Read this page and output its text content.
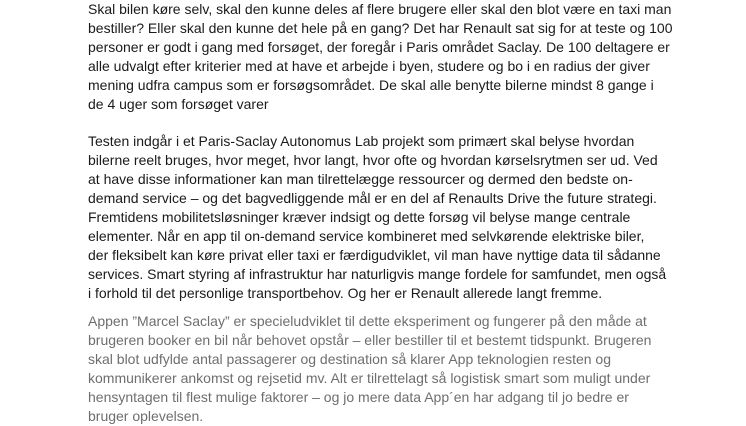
Skal bilen køre selv, skal den kunne deles af flere brugere eller skal den blot være en taxi man
bestiller? Eller skal den kunne det hele på en gang? Det har Renault sat sig for at teste og 100
personer er godt i gang med forsøget, der foregår i Paris området Saclay. De 100 deltagere er
alle udvalgt efter kriterier med at have et arbejde i byen, studere og bo i en radius der giver
mening udfra campus som er forsøgsområdet. De skal alle benytte bilerne mindst 8 gange i
de 4 uger som forsøget varer

Testen indgår i et Paris-Saclay Autonomus Lab projekt som primært skal belyse hvordan
bilerne reelt bruges, hvor meget, hvor langt, hvor ofte og hvordan kørselsrytmen ser ud. Ved
at have disse informationer kan man tilrettelægge ressourcer og dermed den bedste on-
demand service – og det bagvedliggende mål er en del af Renaults Drive the future strategi.
Fremtidens mobilitetsløsninger kræver indsigt og dette forsøg vil belyse mange centrale
elementer. Når en app til on-demand service kombineret med selvkørende elektriske biler,
der fleksibelt kan køre privat eller taxi er færdigudviklet, vil man have nyttige data til sådanne
services. Smart styring af infrastruktur har naturligvis mange fordele for samfundet, men også
i forhold til det personlige transportbehov. Og her er Renault allerede langt fremme.

Appen ”Marcel Saclay” er specieludviklet til dette eksperiment og fungerer på den måde at
brugeren booker en bil når behovet opstår – eller bestiller til et bestemt tidspunkt. Brugeren
skal blot udfylde antal passagerer og destination så klarer App teknologien resten og
kommunikerer ankomst og rejsetid mv. Alt er tilrettelagt så logistisk smart som muligt under
hensyntagen til flest mulige faktorer – og jo mere data App´en har adgang til jo bedre er
bruger oplevelsen.
